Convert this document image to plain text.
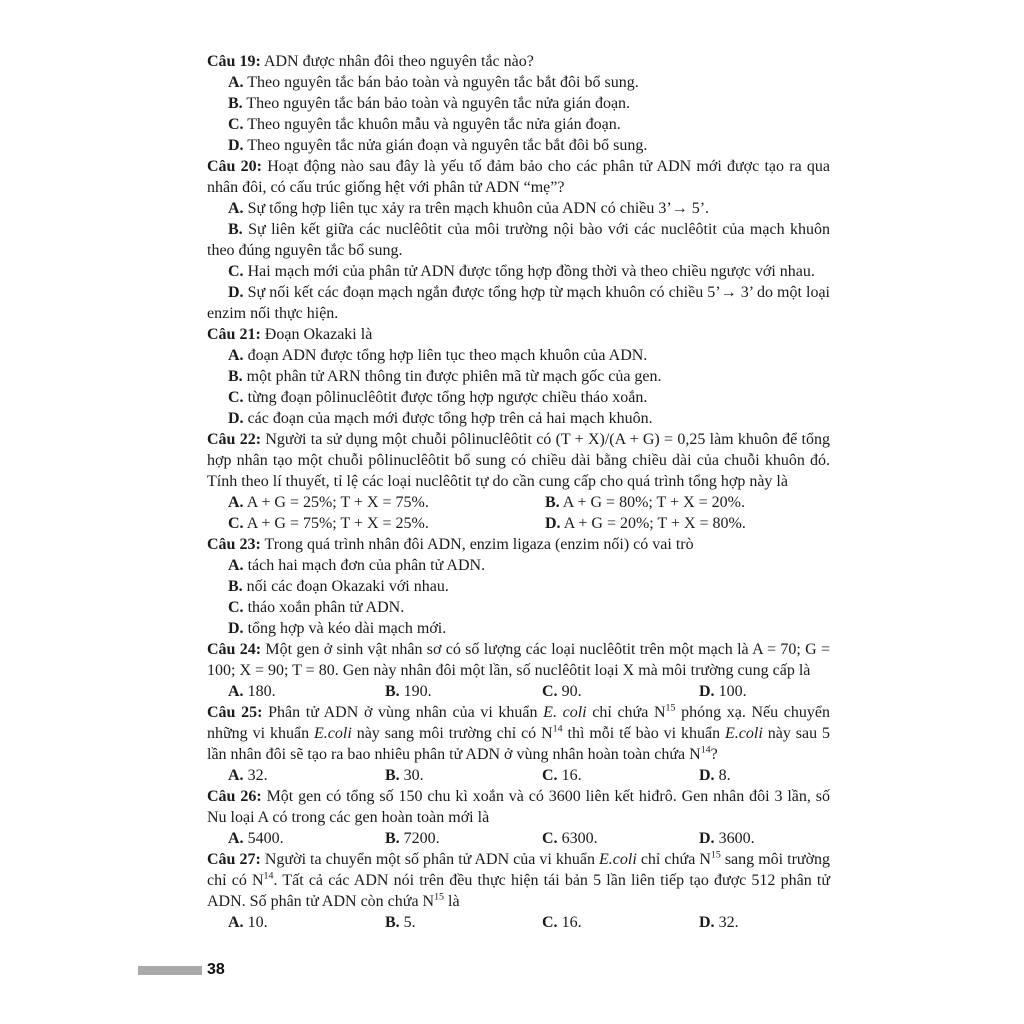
Câu 19: ADN được nhân đôi theo nguyên tắc nào?

A. Theo nguyên tắc bán bảo toàn và nguyên tắc bắt đôi bổ sung.

B. Theo nguyên tắc bán bảo toàn và nguyên tắc nửa gián đoạn.

C. Theo nguyên tắc khuôn mẫu và nguyên tắc nửa gián đoạn.

D. Theo nguyên tắc nửa gián đoạn và nguyên tắc bắt đôi bổ sung.

Câu 20: Hoạt động nào sau đây là yếu tố đảm bảo cho các phân tử ADN mới được tạo ra qua nhân đôi, có cấu trúc giống hệt với phân tử ADN “mẹ”?

A. Sự tổng hợp liên tục xảy ra trên mạch khuôn của ADN có chiều 3’→ 5’.

B. Sự liên kết giữa các nuclêôtit của môi trường nội bào với các nuclêôtit của mạch khuôn theo đúng nguyên tắc bổ sung.

C. Hai mạch mới của phân tử ADN được tổng hợp đồng thời và theo chiều ngược với nhau.

D. Sự nối kết các đoạn mạch ngắn được tổng hợp từ mạch khuôn có chiều 5’→ 3’ do một loại enzim nối thực hiện.

Câu 21: Đoạn Okazaki là

A. đoạn ADN được tổng hợp liên tục theo mạch khuôn của ADN.

B. một phân tử ARN thông tin được phiên mã từ mạch gốc của gen.

C. từng đoạn pôlinuclêôtit được tổng hợp ngược chiều tháo xoắn.

D. các đoạn của mạch mới được tổng hợp trên cả hai mạch khuôn.

Câu 22: Người ta sử dụng một chuỗi pôlinuclêôtit có (T + X)/(A + G) = 0,25 làm khuôn để tổng hợp nhân tạo một chuỗi pôlinuclêôtit bổ sung có chiều dài bằng chiều dài của chuỗi khuôn đó. Tính theo lí thuyết, tỉ lệ các loại nuclêôtit tự do cần cung cấp cho quá trình tổng hợp này là

A. A + G = 25%; T + X = 75%.	B. A + G = 80%; T + X = 20%.

C. A + G = 75%; T + X = 25%.	D. A + G = 20%; T + X = 80%.

Câu 23: Trong quá trình nhân đôi ADN, enzim ligaza (enzim nối) có vai trò

A. tách hai mạch đơn của phân tử ADN.

B. nối các đoạn Okazaki với nhau.

C. tháo xoắn phân tử ADN.

D. tổng hợp và kéo dài mạch mới.

Câu 24: Một gen ở sinh vật nhân sơ có số lượng các loại nuclêôtit trên một mạch là A = 70; G = 100; X = 90; T = 80. Gen này nhân đôi một lần, số nuclêôtit loại X mà môi trường cung cấp là

A. 180.	B. 190.	C. 90.	D. 100.

Câu 25: Phân tử ADN ở vùng nhân của vi khuẩn E. coli chỉ chứa $N^{15}$ phóng xạ. Nếu chuyển những vi khuẩn E.coli này sang môi trường chỉ có $N^{14}$ thì mỗi tế bào vi khuẩn E.coli này sau 5 lần nhân đôi sẽ tạo ra bao nhiêu phân tử ADN ở vùng nhân hoàn toàn chứa $N^{14}$?

A. 32.	B. 30.	C. 16.	D. 8.

Câu 26: Một gen có tổng số 150 chu kì xoắn và có 3600 liên kết hiđrô. Gen nhân đôi 3 lần, số Nu loại A có trong các gen hoàn toàn mới là

A. 5400.	B. 7200.	C. 6300.	D. 3600.

Câu 27: Người ta chuyển một số phân tử ADN của vi khuẩn E.coli chỉ chứa $N^{15}$ sang môi trường chỉ có $N^{14}$. Tất cả các ADN nói trên đều thực hiện tái bản 5 lần liên tiếp tạo được 512 phân tử ADN. Số phân tử ADN còn chứa $N^{15}$ là

A. 10.	B. 5.	C. 16.	D. 32.

38
